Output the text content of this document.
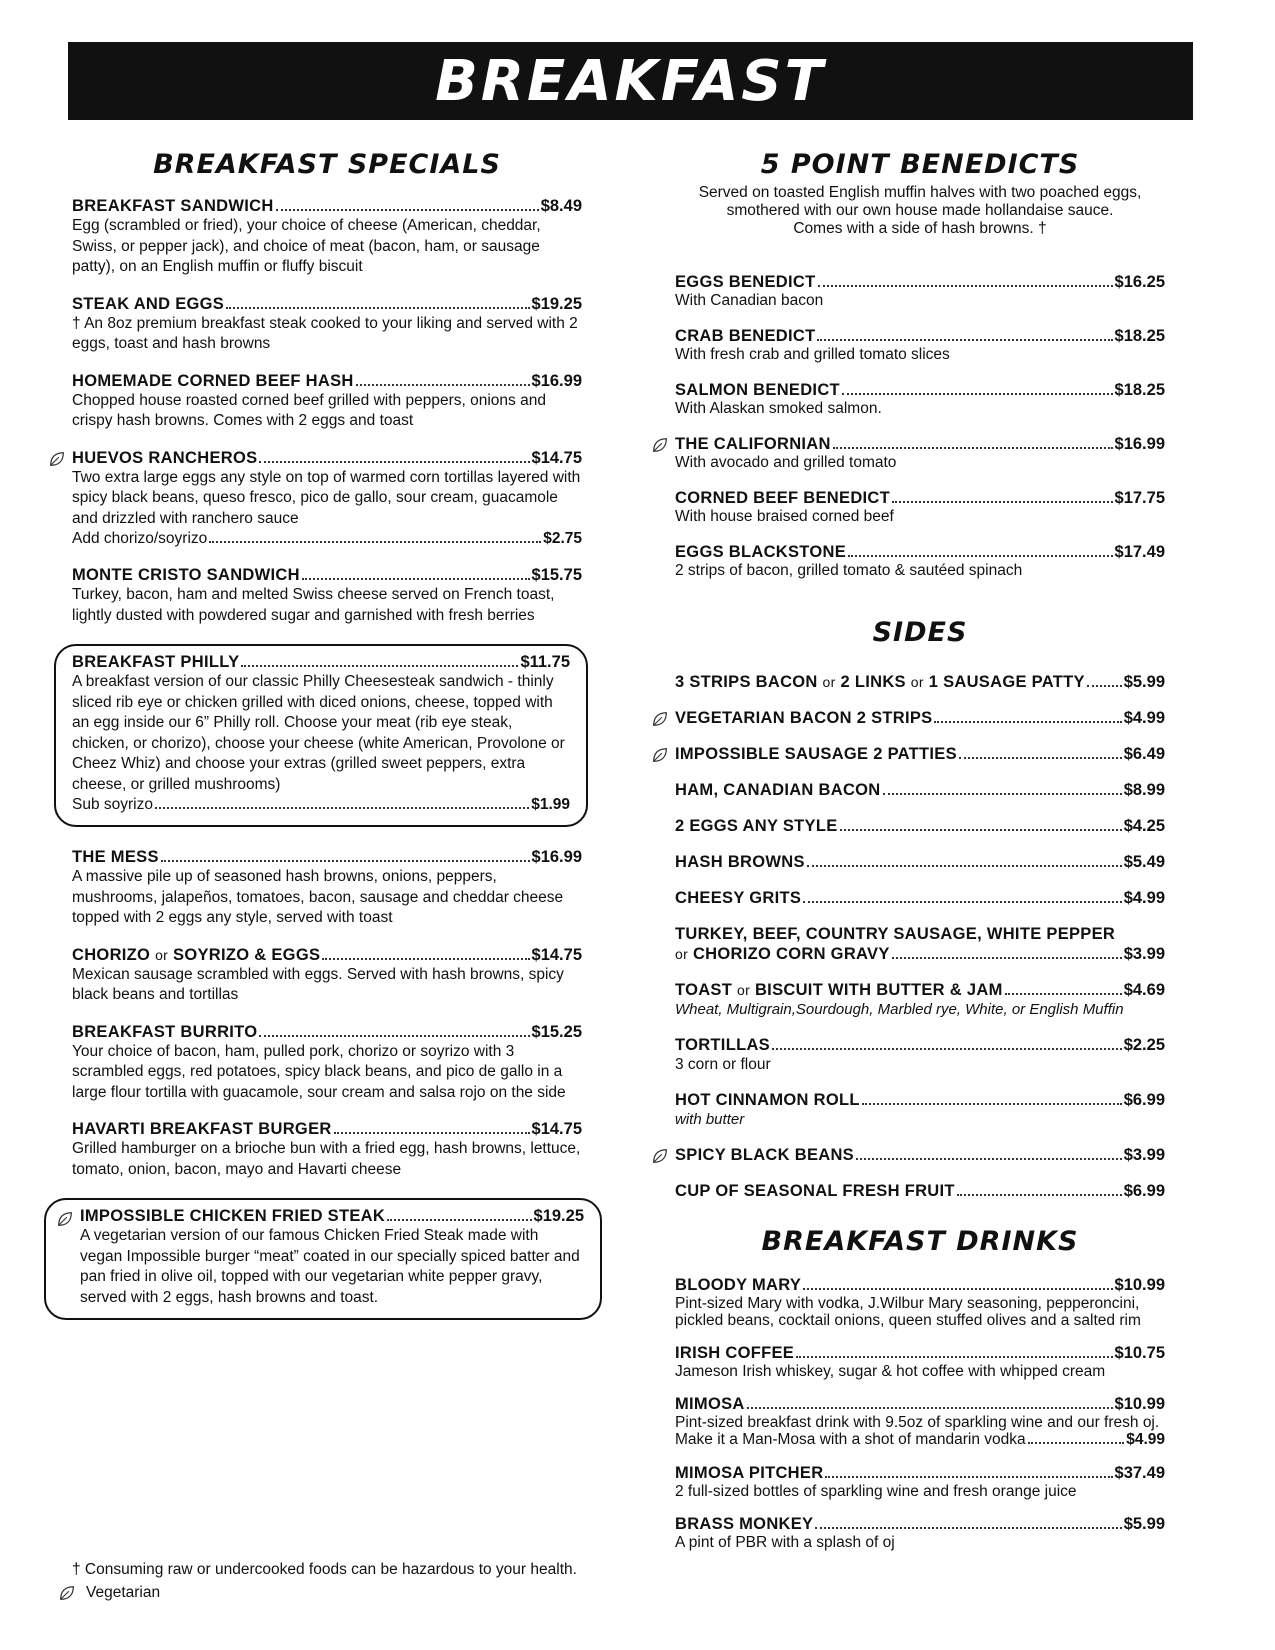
BREAKFAST
BREAKFAST SPECIALS
BREAKFAST SANDWICH	$8.49

Egg (scrambled or fried), your choice of cheese (American, cheddar, Swiss, or pepper jack), and choice of meat (bacon, ham, or sausage patty), on an English muffin or fluffy biscuit

STEAK AND EGGS	$19.25

† An 8oz premium breakfast steak cooked to your liking and served with 2 eggs, toast and hash browns

HOMEMADE CORNED BEEF HASH	$16.99

Chopped house roasted corned beef grilled with peppers, onions and crispy hash browns. Comes with 2 eggs and toast

HUEVOS RANCHEROS	$14.75

Two extra large eggs any style on top of warmed corn tortillas layered with spicy black beans, queso fresco, pico de gallo, sour cream, guacamole and drizzled with ranchero sauce

Add chorizo/soyrizo	$2.75
MONTE CRISTO SANDWICH	$15.75

Turkey, bacon, ham and melted Swiss cheese served on French toast, lightly dusted with powdered sugar and garnished with fresh berries

BREAKFAST PHILLY	$11.75

A breakfast version of our classic Philly Cheesesteak sandwich - thinly sliced rib eye or chicken grilled with diced onions, cheese, topped with an egg inside our 6” Philly roll. Choose your meat (rib eye steak, chicken, or chorizo), choose your cheese (white American, Provolone or Cheez Whiz) and choose your extras (grilled sweet peppers, extra cheese, or grilled mushrooms)

Sub soyrizo	$1.99
THE MESS	$16.99

A massive pile up of seasoned hash browns, onions, peppers, mushrooms, jalapeños, tomatoes, bacon, sausage and cheddar cheese topped with 2 eggs any style, served with toast

CHORIZO or SOYRIZO & EGGS	$14.75

Mexican sausage scrambled with eggs. Served with hash browns, spicy black beans and tortillas

BREAKFAST BURRITO	$15.25

Your choice of bacon, ham, pulled pork, chorizo or soyrizo with 3 scrambled eggs, red potatoes, spicy black beans, and pico de gallo in a large flour tortilla with guacamole, sour cream and salsa rojo on the side

HAVARTI BREAKFAST BURGER	$14.75

Grilled hamburger on a brioche bun with a fried egg, hash browns, lettuce, tomato, onion, bacon, mayo and Havarti cheese

IMPOSSIBLE CHICKEN FRIED STEAK	$19.25

A vegetarian version of our famous Chicken Fried Steak made with vegan Impossible burger “meat” coated in our specially spiced batter and pan fried in olive oil, topped with our vegetarian white pepper gravy, served with 2 eggs, hash browns and toast.

5 POINT BENEDICTS
Served on toasted English muffin halves with two poached eggs,
smothered with our own house made hollandaise sauce.
Comes with a side of hash browns. †
EGGS BENEDICT	$16.25

With Canadian bacon

CRAB BENEDICT	$18.25

With fresh crab and grilled tomato slices

SALMON BENEDICT	$18.25

With Alaskan smoked salmon.

THE CALIFORNIAN	$16.99

With avocado and grilled tomato

CORNED BEEF BENEDICT	$17.75

With house braised corned beef

EGGS BLACKSTONE	$17.49

2 strips of bacon, grilled tomato & sautéed spinach

SIDES
3 STRIPS BACON or 2 LINKS or 1 SAUSAGE PATTY $5.99
VEGETARIAN BACON 2 STRIPS	$4.99
IMPOSSIBLE SAUSAGE 2 PATTIES	$6.49
HAM, CANADIAN BACON	$8.99
2 EGGS ANY STYLE	$4.25
HASH BROWNS	$5.49
CHEESY GRITS	$4.99
TURKEY, BEEF, COUNTRY SAUSAGE, WHITE PEPPER
or CHORIZO CORN GRAVY	$3.99
TOAST or BISCUIT WITH BUTTER & JAM	$4.69

Wheat, Multigrain,Sourdough, Marbled rye, White, or English Muffin

TORTILLAS	$2.25

3 corn or flour

HOT CINNAMON ROLL	$6.99

with butter

SPICY BLACK BEANS	$3.99
CUP OF SEASONAL FRESH FRUIT	$6.99
BREAKFAST DRINKS
BLOODY MARY	$10.99

Pint-sized Mary with vodka, J.Wilbur Mary seasoning, pepperoncini, pickled beans, cocktail onions, queen stuffed olives and a salted rim

IRISH COFFEE	$10.75

Jameson Irish whiskey, sugar & hot coffee with whipped cream

MIMOSA	$10.99

Pint-sized breakfast drink with 9.5oz of sparkling wine and our fresh oj.

Make it a Man-Mosa with a shot of mandarin vodka	$4.99
MIMOSA PITCHER	$37.49

2 full-sized bottles of sparkling wine and fresh orange juice

BRASS MONKEY	$5.99

A pint of PBR with a splash of oj

† Consuming raw or undercooked foods can be hazardous to your health.
Vegetarian
